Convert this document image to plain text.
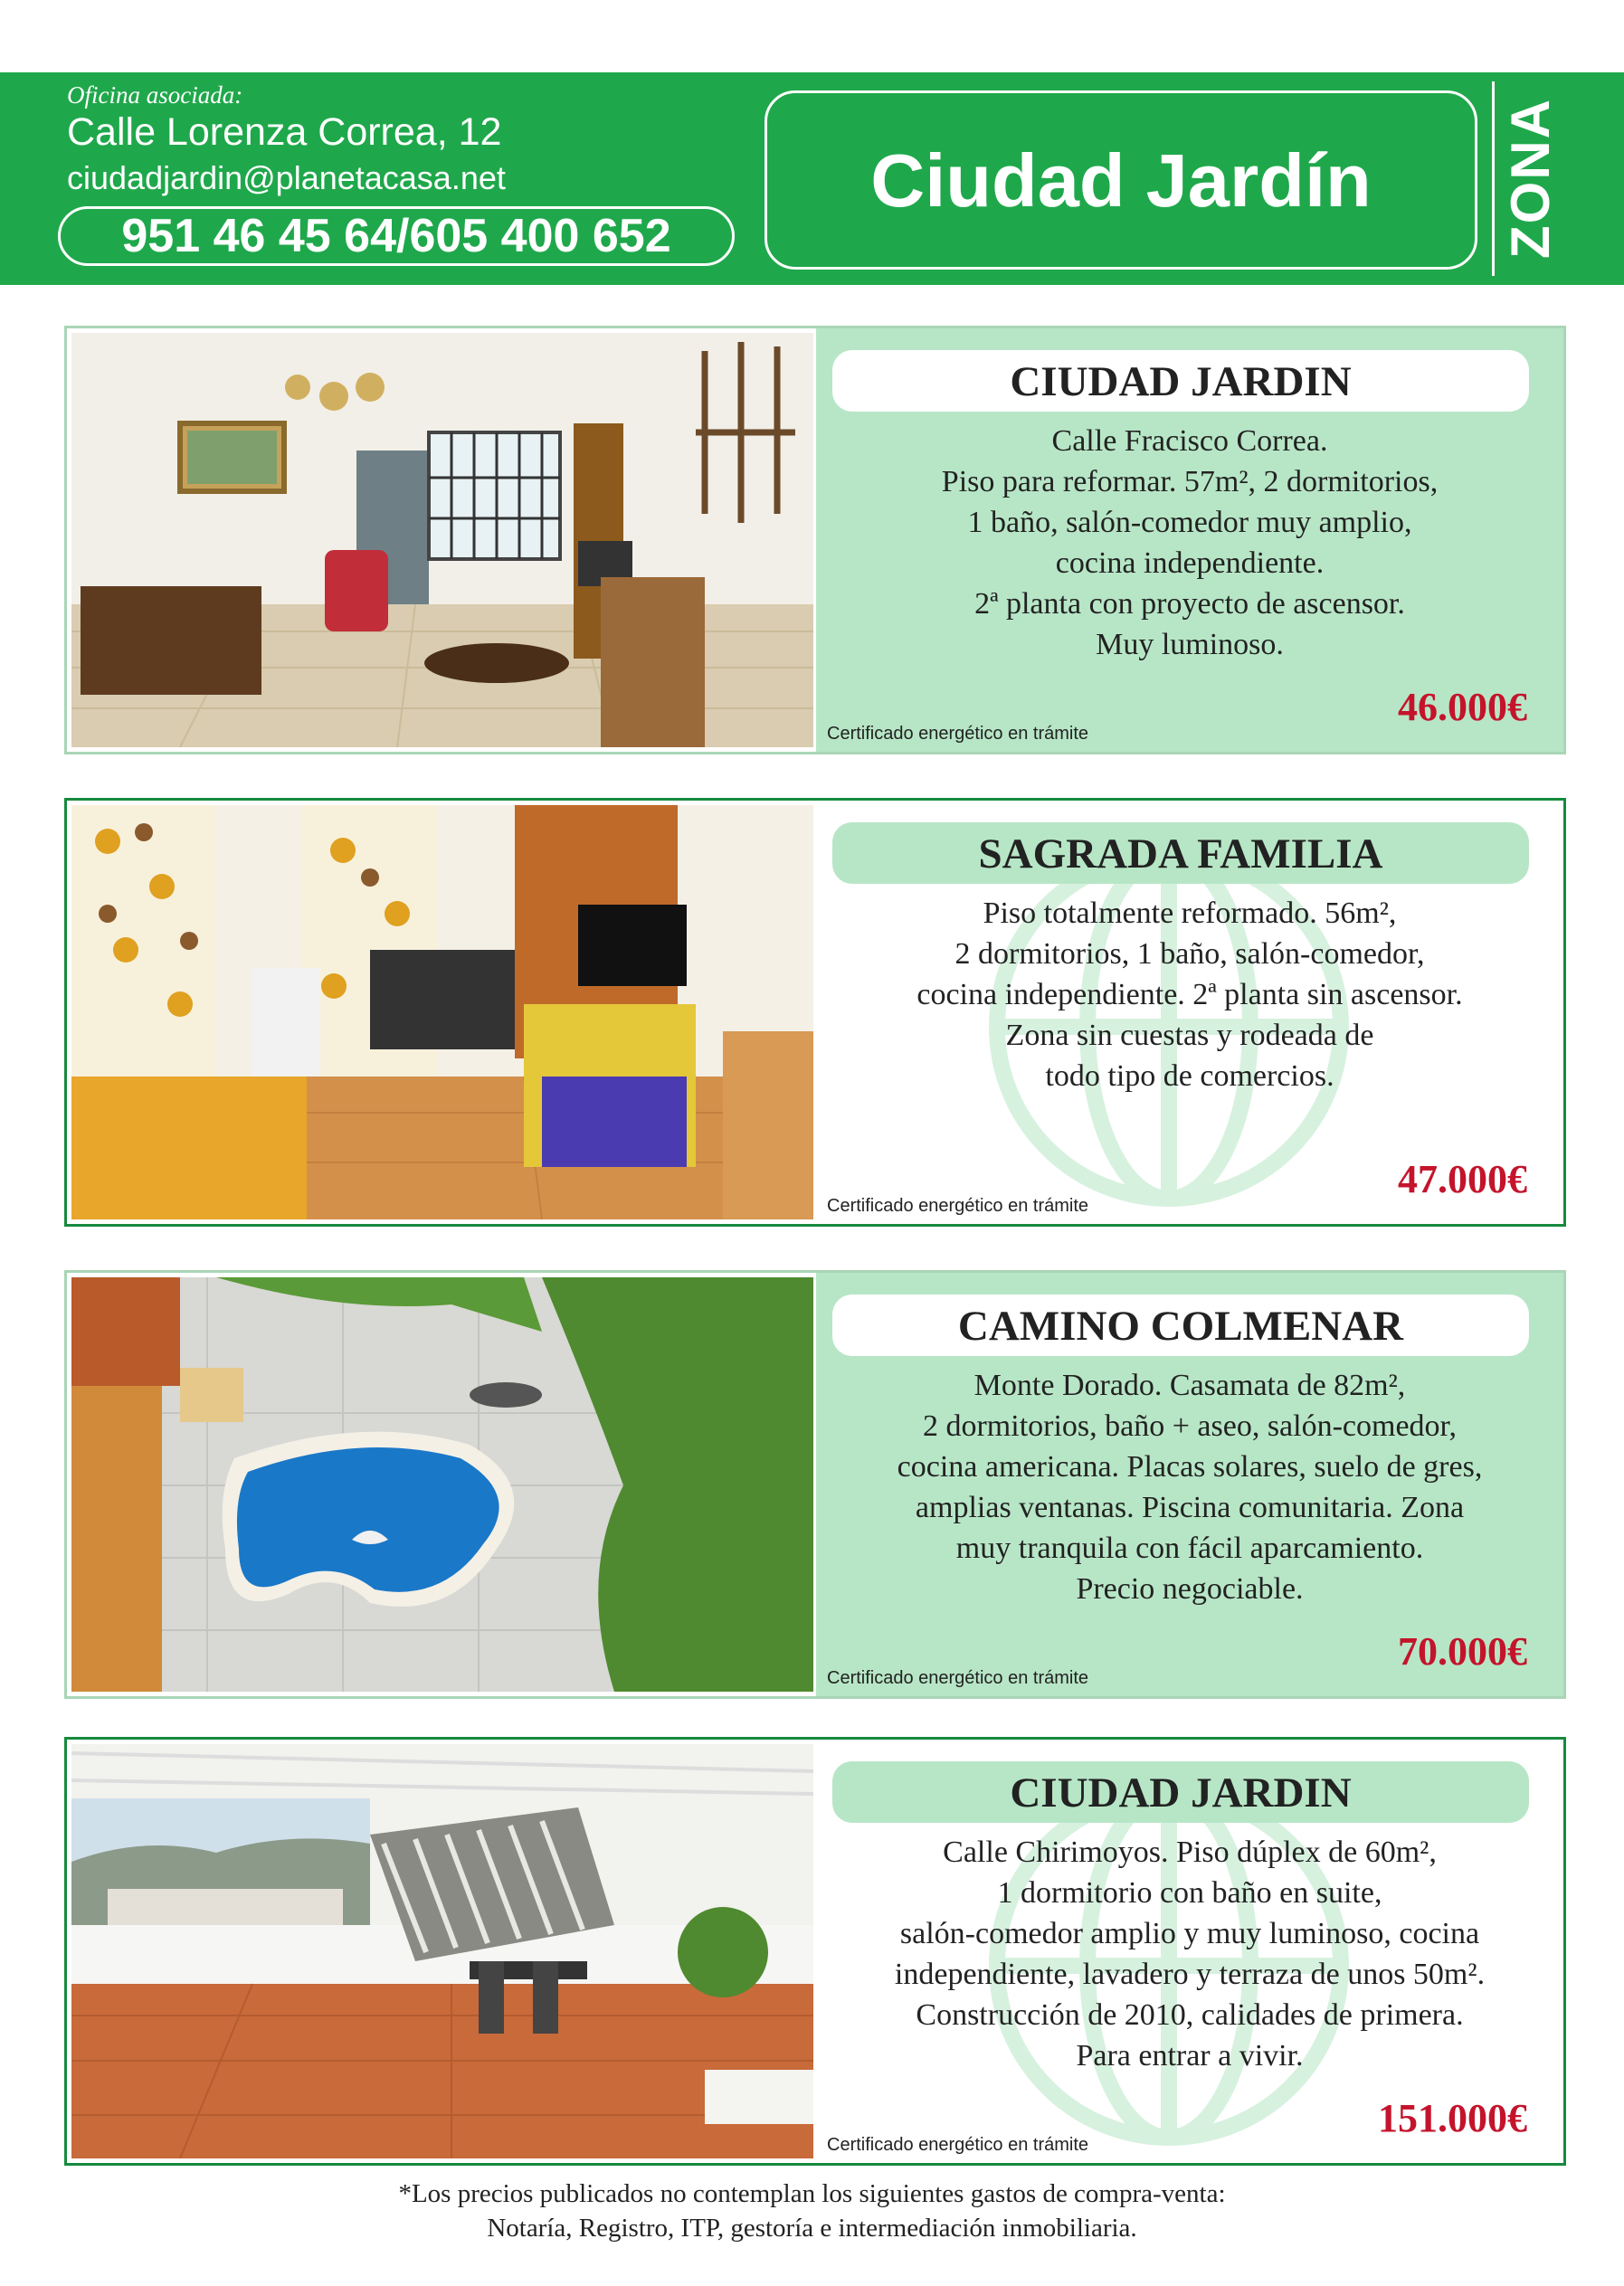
Oficina asociada:
Calle Lorenza Correa, 12
ciudadjardin@planetacasa.net
951 46 45 64/605 400 652
Ciudad Jardín	ZONA
CIUDAD JARDIN
Calle Fracisco Correa.
Piso para reformar. 57m², 2 dormitorios,
1 baño, salón-comedor muy amplio,
cocina independiente.
2ª planta con proyecto de ascensor.
Muy luminoso.
46.000€
Certificado energético en trámite
SAGRADA FAMILIA
Piso totalmente reformado. 56m²,
2 dormitorios, 1 baño, salón-comedor,
cocina independiente. 2ª planta sin ascensor.
Zona sin cuestas y rodeada de
todo tipo de comercios.
47.000€
Certificado energético en trámite
CAMINO COLMENAR
Monte Dorado. Casamata de 82m²,
2 dormitorios, baño + aseo, salón-comedor,
cocina americana. Placas solares, suelo de gres,
amplias ventanas. Piscina comunitaria. Zona
muy tranquila con fácil aparcamiento.
Precio negociable.
70.000€
Certificado energético en trámite
CIUDAD JARDIN
Calle Chirimoyos. Piso dúplex de 60m²,
1 dormitorio con baño en suite,
salón-comedor amplio y muy luminoso, cocina
independiente, lavadero y terraza de unos 50m².
Construcción de 2010, calidades de primera.
Para entrar a vivir.
151.000€
Certificado energético en trámite
*Los precios publicados no contemplan los siguientes gastos de compra-venta:
Notaría, Registro, ITP, gestoría e intermediación inmobiliaria.
